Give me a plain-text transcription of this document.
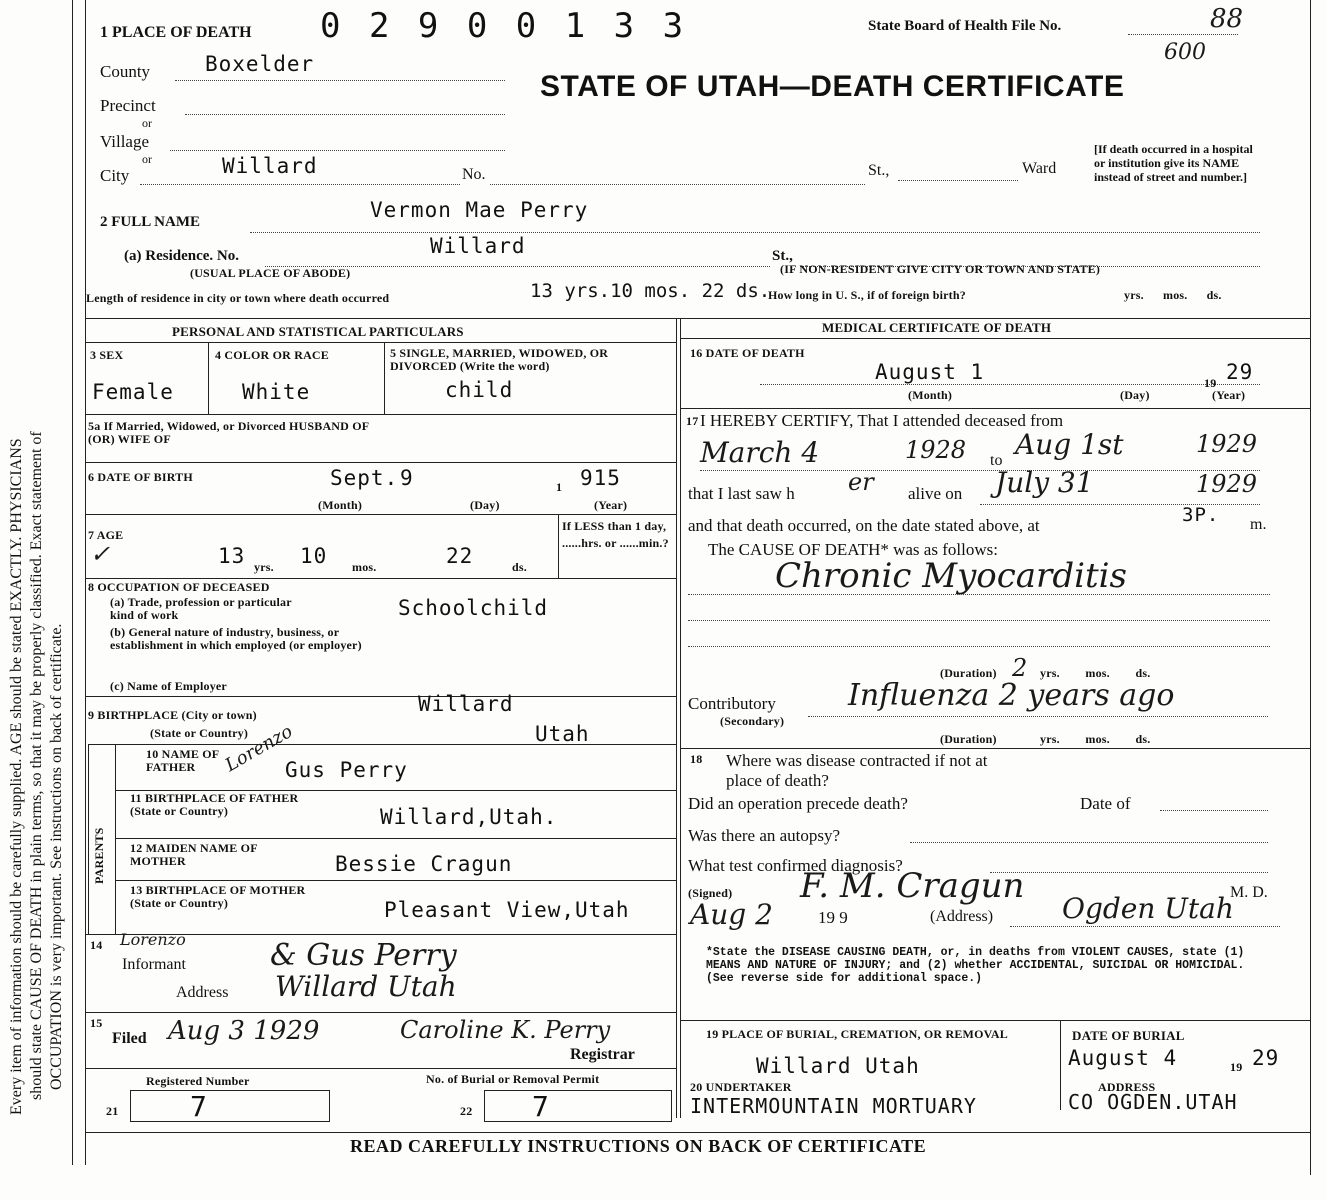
Every item of information should be carefully supplied. AGE should be stated EXACTLY. PHYSICIANS should state CAUSE OF DEATH in plain terms, so that it may be properly classified. Exact statement of OCCUPATION is very important. See instructions on back of certificate.
1 PLACE OF DEATH 0 2 9 0 0 1 3 3	State Board of Health File No.	88
600
STATE OF UTAH—DEATH CERTIFICATE
County	Boxelder
Precinct
or
Village
or
City	Willard	No.	St.,	Ward
[If death occurred in a hospital or institution give its NAME instead of street and number.]
2 FULL NAME	Vermon Mae Perry
(a) Residence. No.	Willard	St.,
(USUAL PLACE OF ABODE)	(IF NON-RESIDENT GIVE CITY OR TOWN AND STATE)
Length of residence in city or town where death occurred	13 yrs.10 mos. 22 ds.
How long in U. S., if of foreign birth?	yrs.      mos.      ds.
PERSONAL AND STATISTICAL PARTICULARS
3 SEX
Female
4 COLOR OR RACE
White
5 SINGLE, MARRIED, WIDOWED, OR DIVORCED (Write the word)
child
5a If Married, Widowed, or Divorced HUSBAND OF (OR) WIFE OF
6 DATE OF BIRTH	Sept. 9	1 915
(Month)	(Day)	(Year)
7 AGE
✓	13 yrs. 10 mos.	22	ds.
If LESS than 1 day, ......hrs. or ......min.?
8 OCCUPATION OF DECEASED
(a) Trade, profession or particular kind of work	Schoolchild
(b) General nature of industry, business, or establishment in which employed (or employer)
(c) Name of Employer
9 BIRTHPLACE (City or town)	Willard
(State or Country)	Utah
PARENTS
10 NAME OF FATHER	Lorenzo
Gus Perry
11 BIRTHPLACE OF FATHER (State or Country)	Willard,Utah.
12 MAIDEN NAME OF MOTHER	Bessie Cragun
13 BIRTHPLACE OF MOTHER (State or Country)	Pleasant View,Utah
14 Lorenzo
Informant	& Gus Perry
Address Willard Utah
15
Filed Aug 3 1929	Caroline K. Perry
Registrar
Registered Number	No. of Burial or Removal Permit
21	7	22 7
MEDICAL CERTIFICATE OF DEATH
16 DATE OF DEATH
August 1	19 29
(Month)	(Day)	(Year)
17 I HEREBY CERTIFY, That I attended deceased from
March 4	1928 to Aug 1st	1929
that I last saw h er alive on July 31	1929
and that death occurred, on the date stated above, at	3P. m.
The CAUSE OF DEATH* was as follows:
Chronic Myocarditis
(Duration) 2 yrs.        mos.        ds.
Contributory
(Secondary)
Influenza 2 years ago
(Duration)	yrs.        mos.        ds.
18 Where was disease contracted if not at place of death?
Did an operation precede death?	Date of
Was there an autopsy?
What test confirmed diagnosis?
(Signed) F. M. Cragun	M. D.
Aug 2	19 9	(Address) Ogden Utah
*State the DISEASE CAUSING DEATH, or, in deaths from VIOLENT CAUSES, state (1) MEANS AND NATURE OF INJURY; and (2) whether ACCIDENTAL, SUICIDAL OR HOMICIDAL. (See reverse side for additional space.)
19 PLACE OF BURIAL, CREMATION, OR REMOVAL
Willard Utah
DATE OF BURIAL
August 4	19 29
20 UNDERTAKER
INTERMOUNTAIN MORTUARY
ADDRESS
CO OGDEN.UTAH
READ CAREFULLY INSTRUCTIONS ON BACK OF CERTIFICATE
